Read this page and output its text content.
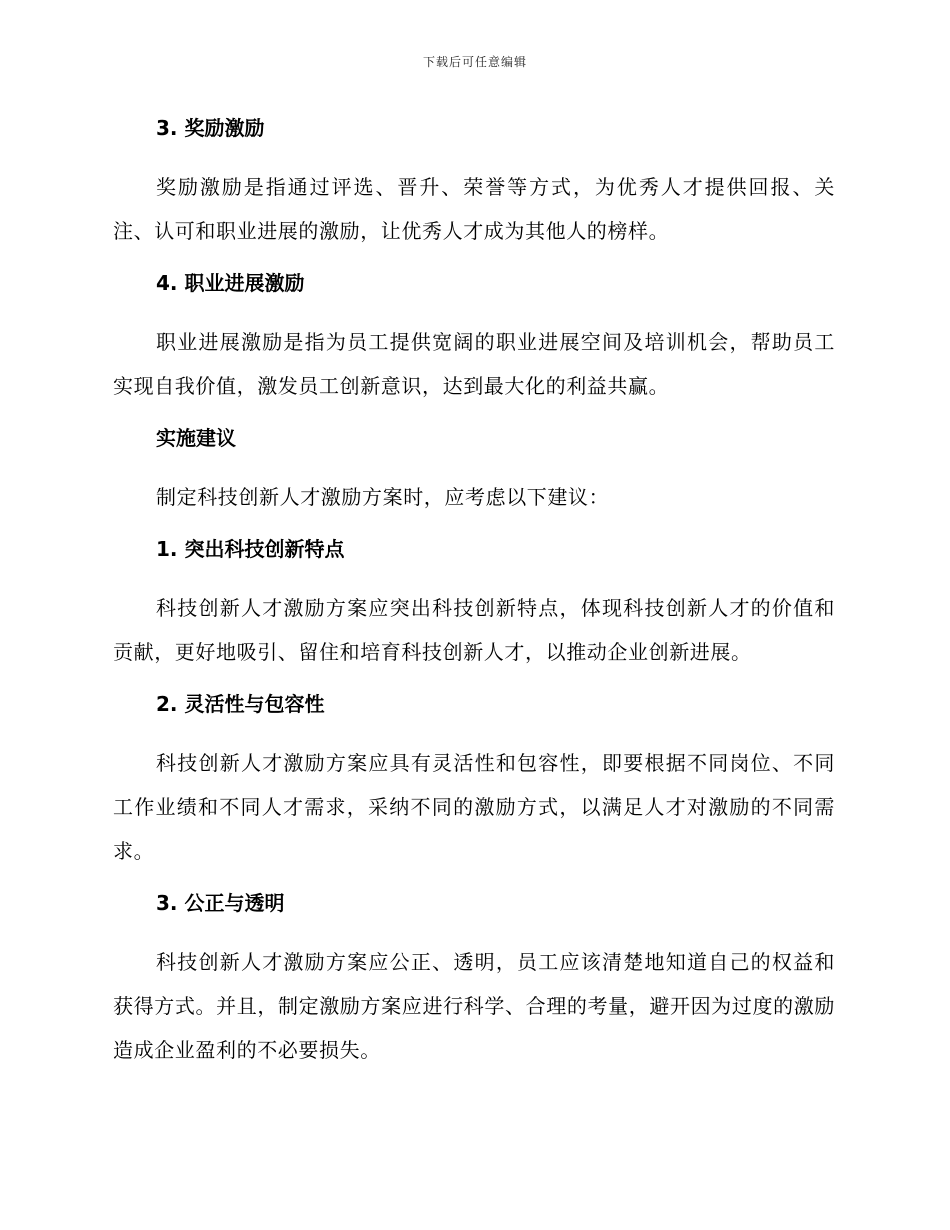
下载后可任意编辑
3. 奖励激励

奖励激励是指通过评选、晋升、荣誉等方式，为优秀人才提供回报、关注、认可和职业进展的激励，让优秀人才成为其他人的榜样。

4. 职业进展激励

职业进展激励是指为员工提供宽阔的职业进展空间及培训机会，帮助员工实现自我价值，激发员工创新意识，达到最大化的利益共赢。

实施建议

制定科技创新人才激励方案时，应考虑以下建议：

1. 突出科技创新特点

科技创新人才激励方案应突出科技创新特点，体现科技创新人才的价值和贡献，更好地吸引、留住和培育科技创新人才，以推动企业创新进展。

2. 灵活性与包容性

科技创新人才激励方案应具有灵活性和包容性，即要根据不同岗位、不同工作业绩和不同人才需求，采纳不同的激励方式，以满足人才对激励的不同需求。

3. 公正与透明

科技创新人才激励方案应公正、透明，员工应该清楚地知道自己的权益和获得方式。并且，制定激励方案应进行科学、合理的考量，避开因为过度的激励造成企业盈利的不必要损失。
